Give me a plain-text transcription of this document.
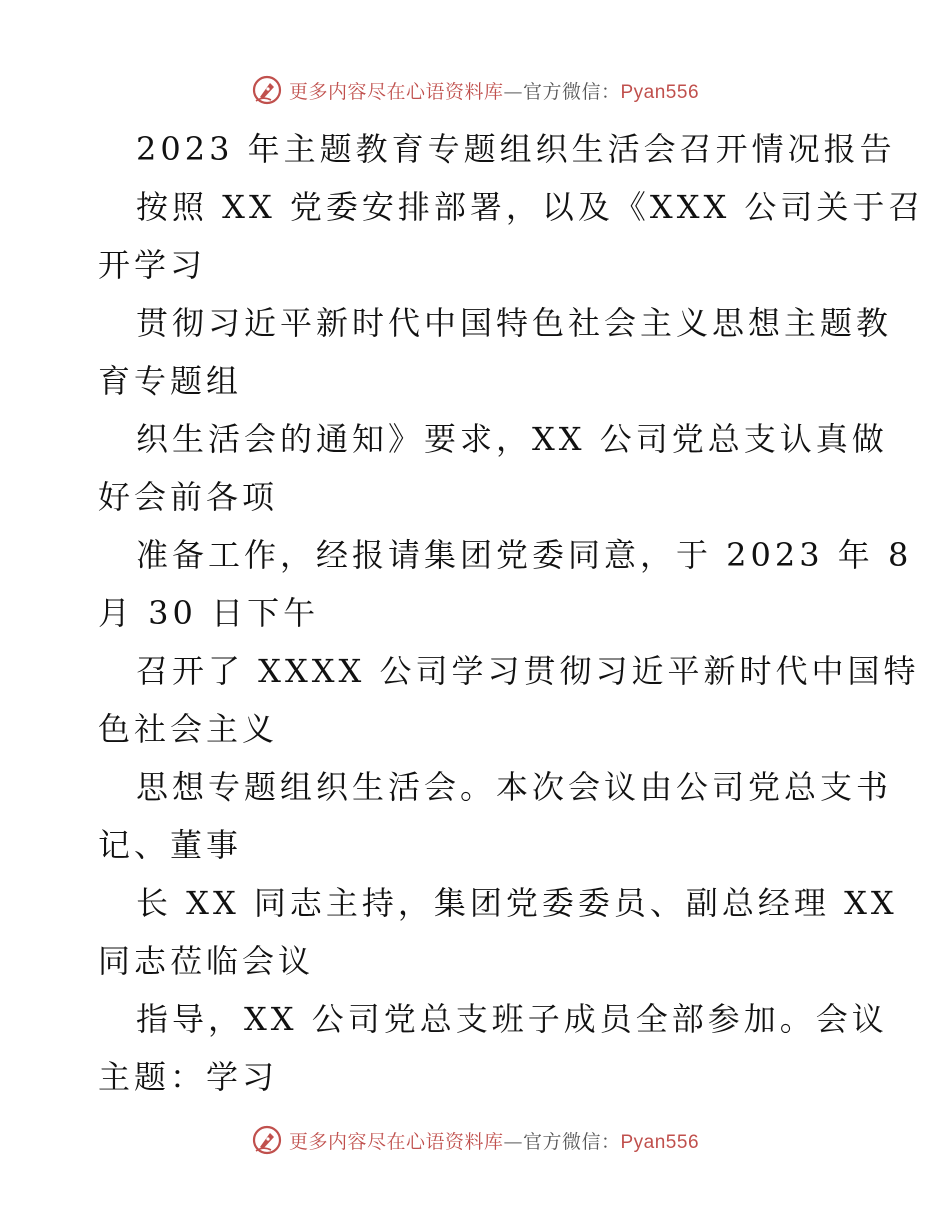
更多内容尽在心语资料库—官方微信：Pyan556
2023 年主题教育专题组织生活会召开情况报告
按照 XX 党委安排部署，以及《XXX 公司关于召
开学习
贯彻习近平新时代中国特色社会主义思想主题教
育专题组
织生活会的通知》要求，XX 公司党总支认真做
好会前各项
准备工作，经报请集团党委同意，于 2023 年 8
月 30 日下午
召开了 XXXX 公司学习贯彻习近平新时代中国特
色社会主义
思想专题组织生活会。本次会议由公司党总支书
记、董事
长 XX 同志主持，集团党委委员、副总经理 XX
同志莅临会议
指导，XX 公司党总支班子成员全部参加。会议
主题：学习
更多内容尽在心语资料库—官方微信：Pyan556
